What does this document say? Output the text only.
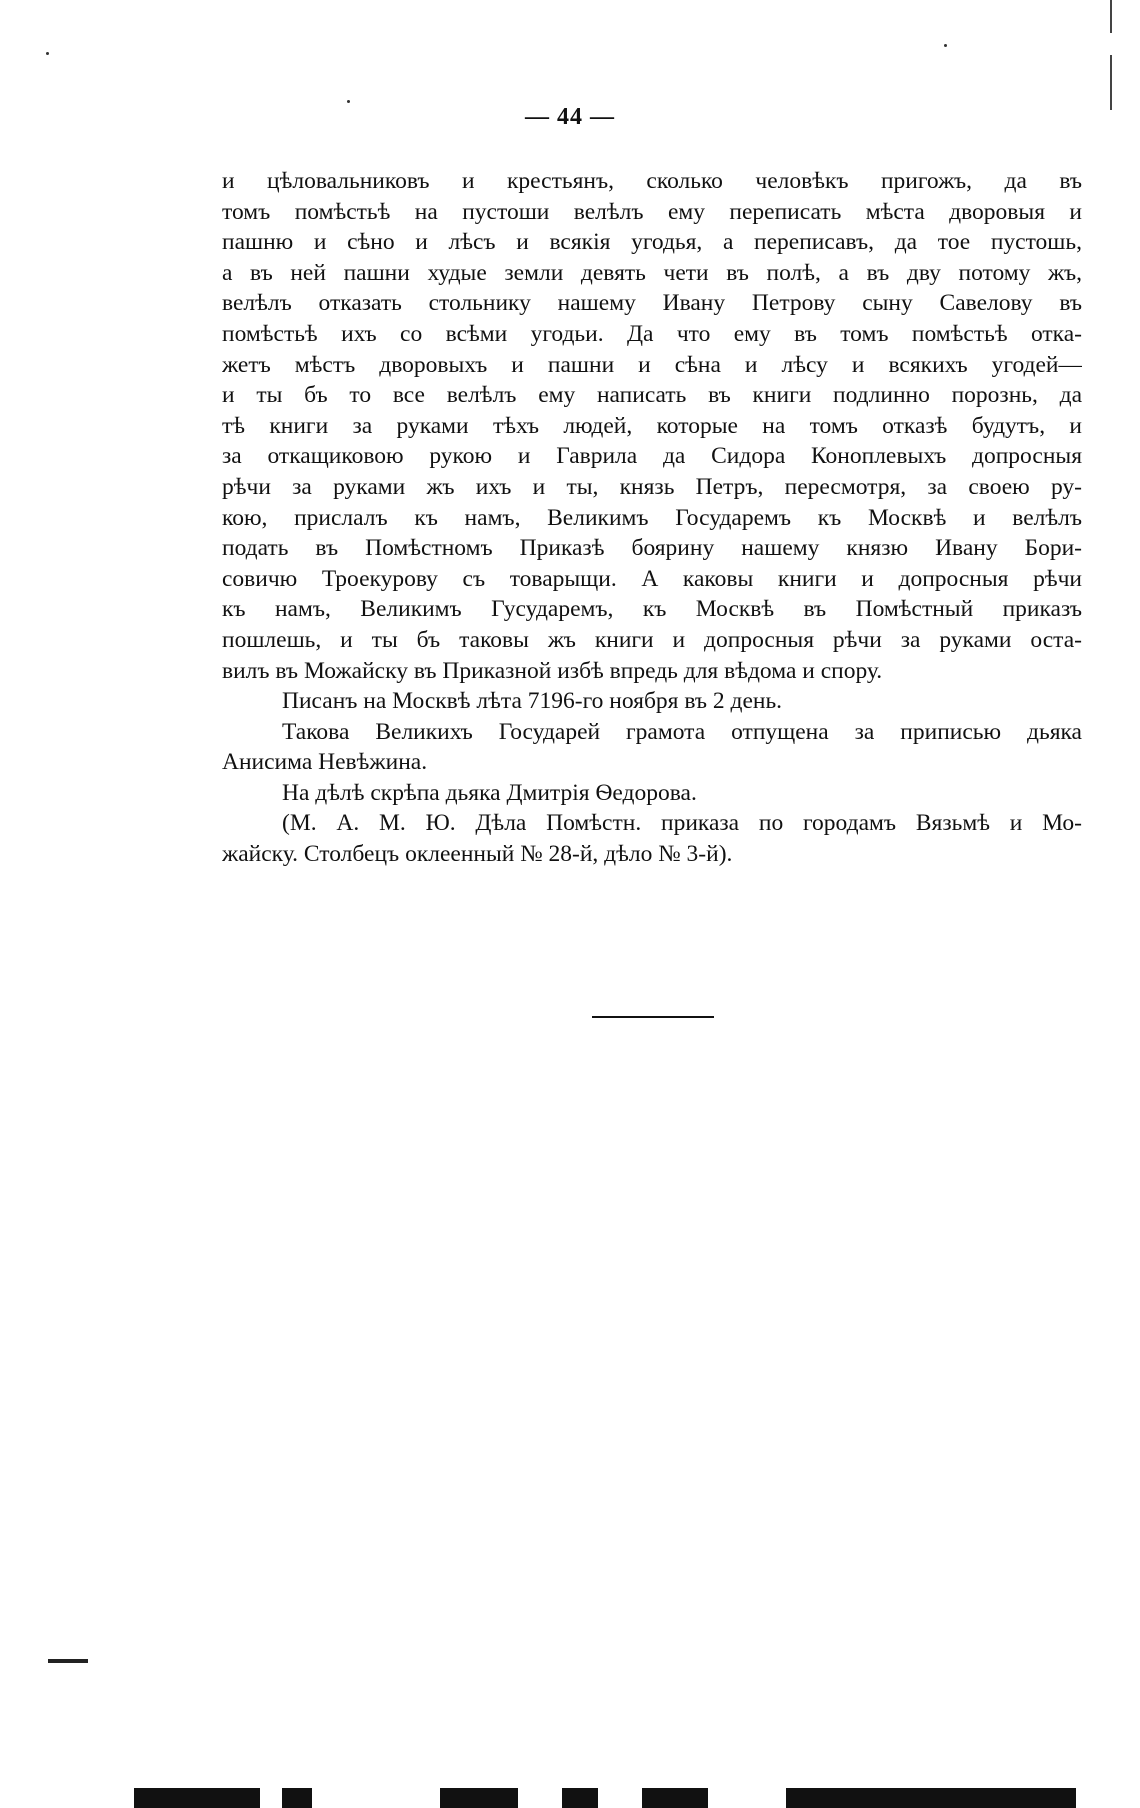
— 44 —

и цѣловальниковъ и крестьянъ, сколько человѣкъ пригожъ, да въ
томъ помѣстьѣ на пустоши велѣлъ ему переписать мѣста дворовыя и
пашню и сѣно и лѣсъ и всякія угодья, а переписавъ, да тое пустошь,
а въ ней пашни худые земли девять чети въ полѣ, а въ дву потому жъ,
велѣлъ отказать стольнику нашему Ивану Петрову сыну Савелову въ
помѣстьѣ ихъ со всѣми угодьи. Да что ему въ томъ помѣстьѣ отка-
жетъ мѣстъ дворовыхъ и пашни и сѣна и лѣсу и всякихъ угодей—
и ты бъ то все велѣлъ ему написать въ книги подлинно порознь, да
тѣ книги за руками тѣхъ людей, которые на томъ отказѣ будутъ, и
за откащиковою рукою и Гаврила да Сидора Коноплевыхъ допросныя
рѣчи за руками жъ ихъ и ты, князь Петръ, пересмотря, за своею ру-
кою, прислалъ къ намъ, Великимъ Государемъ къ Москвѣ и велѣлъ
подать въ Помѣстномъ Приказѣ боярину нашему князю Ивану Бори-
совичю Троекурову съ товарыщи. А каковы книги и допросныя рѣчи
къ намъ, Великимъ Гусударемъ, къ Москвѣ въ Помѣстный приказъ
пошлешь, и ты бъ таковы жъ книги и допросныя рѣчи за руками оста-
вилъ въ Можайску въ Приказной избѣ впредь для вѣдома и спору.

Писанъ на Москвѣ лѣта 7196-го ноября въ 2 день.

Такова Великихъ Государей грамота отпущена за приписью дьяка
Анисима Невѣжина.

На дѣлѣ скрѣпа дьяка Дмитрія Ѳедорова.

(М. А. М. Ю. Дѣла Помѣстн. приказа по городамъ Вязьмѣ и Мо-
жайску. Столбецъ оклеенный № 28-й, дѣло № 3-й).
